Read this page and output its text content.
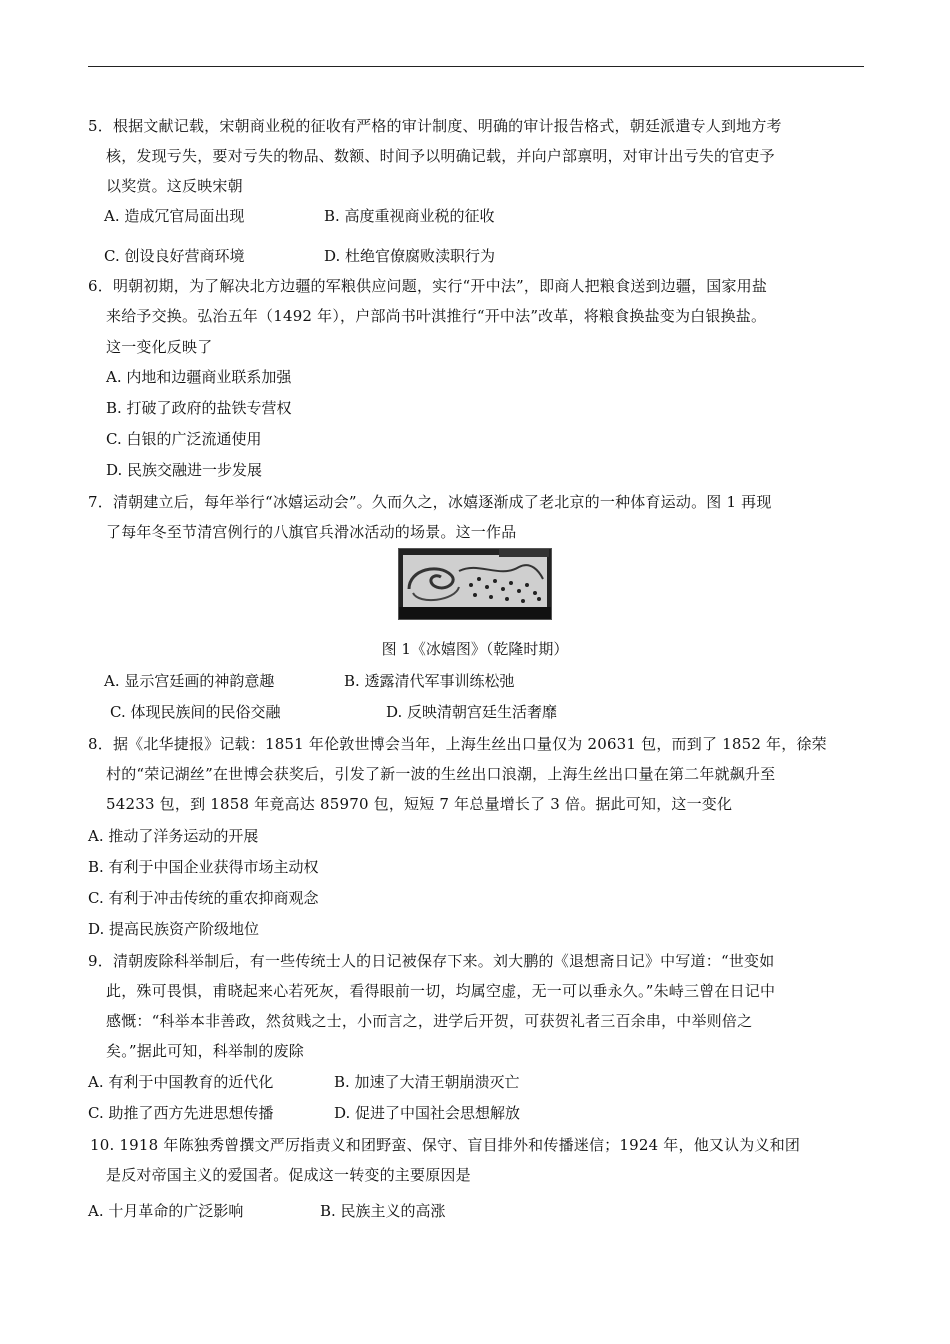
5．根据文献记载，宋朝商业税的征收有严格的审计制度、明确的审计报告格式，朝廷派遣专人到地方考
核，发现亏失，要对亏失的物品、数额、时间予以明确记载，并向户部禀明，对审计出亏失的官吏予
以奖赏。这反映宋朝
A. 造成冗官局面出现	B. 高度重视商业税的征收
C. 创设良好营商环境	D. 杜绝官僚腐败渎职行为
6．明朝初期，为了解决北方边疆的军粮供应问题，实行“开中法”，即商人把粮食送到边疆，国家用盐
来给予交换。弘治五年（1492 年），户部尚书叶淇推行“开中法”改革，将粮食换盐变为白银换盐。
这一变化反映了
A. 内地和边疆商业联系加强
B. 打破了政府的盐铁专营权
C. 白银的广泛流通使用
D. 民族交融进一步发展
7．清朝建立后，每年举行“冰嬉运动会”。久而久之，冰嬉逐渐成了老北京的一种体育运动。图 1 再现
了每年冬至节清宫例行的八旗官兵滑冰活动的场景。这一作品
图 1《冰嬉图》（乾隆时期）
A. 显示宫廷画的神韵意趣	B. 透露清代军事训练松弛
C. 体现民族间的民俗交融	D. 反映清朝宫廷生活奢靡
8．据《北华捷报》记载：1851 年伦敦世博会当年，上海生丝出口量仅为 20631 包，而到了 1852 年，徐荣
村的“荣记湖丝”在世博会获奖后，引发了新一波的生丝出口浪潮，上海生丝出口量在第二年就飙升至
54233 包，到 1858 年竟高达 85970 包，短短 7 年总量增长了 3 倍。据此可知，这一变化
A. 推动了洋务运动的开展
B. 有利于中国企业获得市场主动权
C. 有利于冲击传统的重农抑商观念
D. 提高民族资产阶级地位
9．清朝废除科举制后，有一些传统士人的日记被保存下来。刘大鹏的《退想斋日记》中写道：“世变如
此，殊可畏惧，甫晓起来心若死灰，看得眼前一切，均属空虚，无一可以垂永久。”朱峙三曾在日记中
感慨：“科举本非善政，然贫贱之士，小而言之，进学后开贺，可获贺礼者三百余串，中举则倍之
矣。”据此可知，科举制的废除
A. 有利于中国教育的近代化	B. 加速了大清王朝崩溃灭亡
C. 助推了西方先进思想传播	D. 促进了中国社会思想解放
10. 1918 年陈独秀曾撰文严厉指责义和团野蛮、保守、盲目排外和传播迷信；1924 年，他又认为义和团
是反对帝国主义的爱国者。促成这一转变的主要原因是
A. 十月革命的广泛影响	B. 民族主义的高涨
